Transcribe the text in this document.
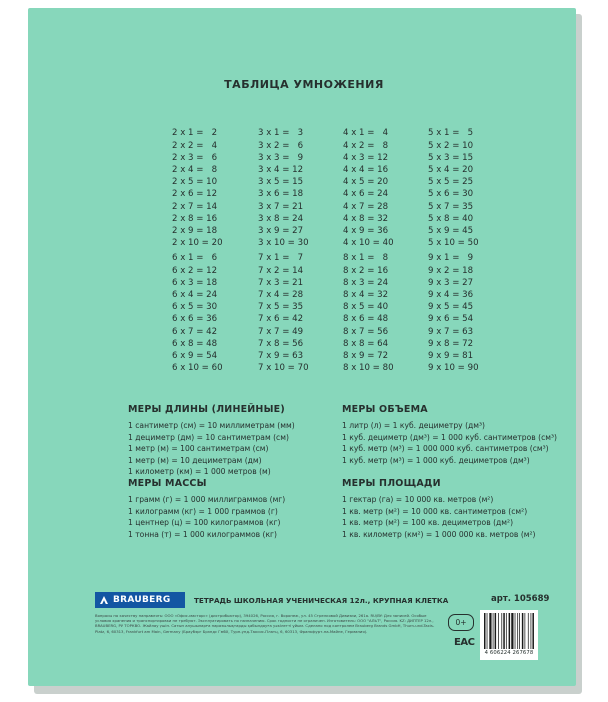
ТАБЛИЦА УМНОЖЕНИЯ

2 x 1 =   2
2 x 2 =   4
2 x 3 =   6
2 x 4 =   8
2 x 5 = 10
2 x 6 = 12
2 x 7 = 14
2 x 8 = 16
2 x 9 = 18
2 x 10 = 20

3 x 1 =   3
3 x 2 =   6
3 x 3 =   9
3 x 4 = 12
3 x 5 = 15
3 x 6 = 18
3 x 7 = 21
3 x 8 = 24
3 x 9 = 27
3 x 10 = 30

4 x 1 =   4
4 x 2 =   8
4 x 3 = 12
4 x 4 = 16
4 x 5 = 20
4 x 6 = 24
4 x 7 = 28
4 x 8 = 32
4 x 9 = 36
4 x 10 = 40

5 x 1 =   5
5 x 2 = 10
5 x 3 = 15
5 x 4 = 20
5 x 5 = 25
5 x 6 = 30
5 x 7 = 35
5 x 8 = 40
5 x 9 = 45
5 x 10 = 50

6 x 1 =   6
6 x 2 = 12
6 x 3 = 18
6 x 4 = 24
6 x 5 = 30
6 x 6 = 36
6 x 7 = 42
6 x 8 = 48
6 x 9 = 54
6 x 10 = 60

7 x 1 =   7
7 x 2 = 14
7 x 3 = 21
7 x 4 = 28
7 x 5 = 35
7 x 6 = 42
7 x 7 = 49
7 x 8 = 56
7 x 9 = 63
7 x 10 = 70

8 x 1 =   8
8 x 2 = 16
8 x 3 = 24
8 x 4 = 32
8 x 5 = 40
8 x 6 = 48
8 x 7 = 56
8 x 8 = 64
8 x 9 = 72
8 x 10 = 80

9 x 1 =   9
9 x 2 = 18
9 x 3 = 27
9 x 4 = 36
9 x 5 = 45
9 x 6 = 54
9 x 7 = 63
9 x 8 = 72
9 x 9 = 81
9 x 10 = 90

МЕРЫ ДЛИНЫ (ЛИНЕЙНЫЕ)
1 сантиметр (см) = 10 миллиметрам (мм)
1 дециметр (дм) = 10 сантиметрам (см)
1 метр (м) = 100 сантиметрам (см)
1 метр (м) = 10 дециметрам (дм)
1 километр (км) = 1 000 метров (м)
МЕРЫ ОБЪЕМА
1 литр (л) = 1 куб. дециметру (дм³)
1 куб. дециметр (дм³) = 1 000 куб. сантиметров (см³)
1 куб. метр (м³) = 1 000 000 куб. сантиметров (см³)
1 куб. метр (м³) = 1 000 куб. дециметров (дм³)
МЕРЫ МАССЫ
1 грамм (г) = 1 000 миллиграммов (мг)
1 килограмм (кг) = 1 000 граммов (г)
1 центнер (ц) = 100 килограммов (кг)
1 тонна (т) = 1 000 килограммов (кг)
МЕРЫ ПЛОЩАДИ
1 гектар (га) = 10 000 кв. метров (м²)
1 кв. метр (м²) = 10 000 кв. сантиметров (см²)
1 кв. метр (м²) = 100 кв. дециметров (дм²)
1 кв. километр (км²) = 1 000 000 кв. метров (м²)
BRAUBERG	ТЕТРАДЬ ШКОЛЬНАЯ УЧЕНИЧЕСКАЯ 12л., КРУПНАЯ КЛЕТКА	арт. 105689
Вопросы по качеству направлять: ООО «Офис-масторс» (дистрибьютор), 394026, Россия, г. Воронеж, ул. 45 Стрелковой Дивизии, 261а. RU/BY: Для записей. Особые условия хранения и транспортировки не требуют. Эксплуатировать по назначению. Срок годности не ограничен. Изготовитель: ООО "АЛЬТ", Россия. KZ: ДИПТЕР 12л., BRAUBERG, РУ ТОРКВО. Жайлау үшін. Сатып алушыларға наразылықтарды қабылдауға уәкілетті ұйым. Сделано под контролем Brauberg Brands GmbH, Thurn-und-Taxis-Platz, 6, 60313, Frankfurt am Main, Germany (Браубэрг Брэндс ГмбХ, Турн-унд-Таксис-Платц, 6, 60313, Франкфурт-на-Майне, Германия).
0+
EAC
4 606224 267678
